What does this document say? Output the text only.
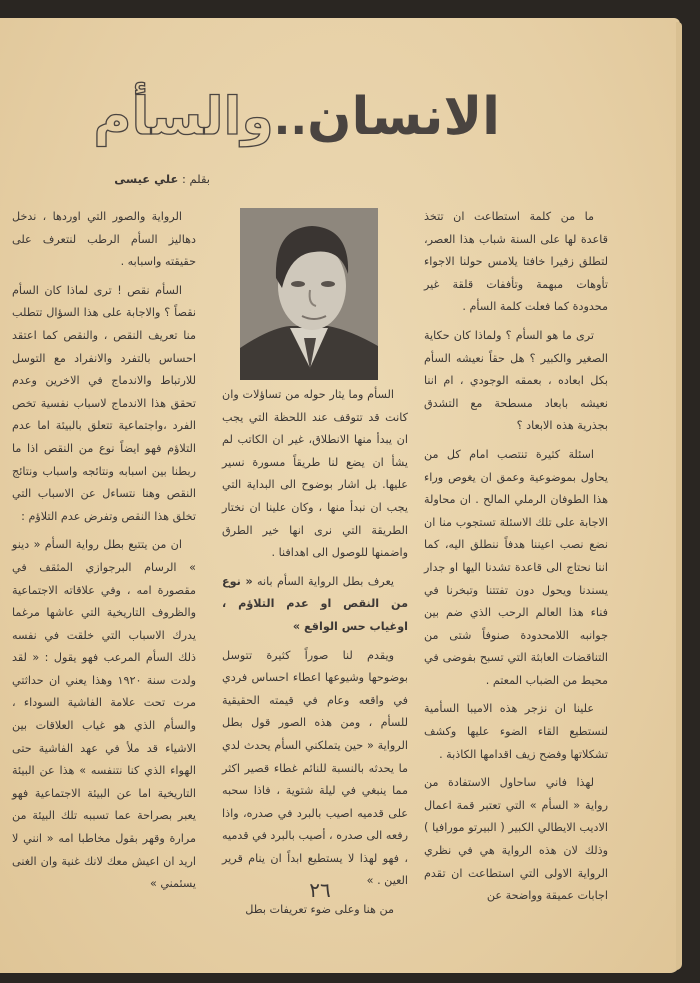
الانسان..والسأم
بقلم : علي عيسى

ما من كلمة استطاعت ان تتخذ قاعدة لها على السنة شباب هذا العصر، لتطلق زفيرا خافتا يلامس حولنا الاجواء تأوهات مبهمة وتأففات قلقة غير محدودة كما فعلت كلمة السأم .

ترى ما هو السأم ؟ ولماذا كان حكاية الصغير والكبير ؟ هل حقاً نعيشه السأم بكل ابعاده ، بعمقه الوجودي ، ام اننا نعيشه بابعاد مسطحة مع التشدق بجذرية هذه الابعاد ؟

اسئلة كثيرة تنتصب امام كل من يحاول بموضوعية وعمق ان يغوص وراء هذا الطوفان الرملي المالح . ان محاولة الاجابة على تلك الاسئلة تستجوب منا ان نضع نصب اعيننا هدفاً ننطلق اليه، كما اننا نحتاج الى قاعدة تشدنا اليها او جدار يسندنا ويحول دون تفتتنا وتبخرنا في فناء هذا العالم الرحب الذي ضم بين جوانبه اللامحدودة صنوفاً شتى من التناقضات العابثة التي تسبح بفوضى في محيط من الضباب المعتم .

علينا ان نزجر هذه الاميبا السأمية لنستطيع القاء الضوء عليها وكشف تشكلاتها وفضح زيف اقدامها الكاذبة .

لهذا فاني ساحاول الاستفادة من رواية « السأم » التي تعتبر قمة اعمال الاديب الايطالي الكبير ( البيرتو مورافيا ) وذلك لان هذه الرواية هي في نظري الرواية الاولى التي استطاعت ان تقدم اجابات عميقة وواضحة عن

السأم وما يثار حوله من تساؤلات وان كانت قد تتوقف عند اللحظة التي يجب ان يبدأ منها الانطلاق، غير ان الكاتب لم يشأ ان يضع لنا طريقاً مسورة نسير عليها. بل اشار بوضوح الى البداية التي يجب ان نبدأ منها ، وكان علينا ان نختار الطريقة التي نرى انها خير الطرق واضمنها للوصول الى اهدافنا .

يعرف بطل الرواية السأم بانه « نوع من النقص او عدم التلاؤم ، اوغياب حس الواقع »

ويقدم لنا صوراً كثيرة تتوسل بوضوحها وشيوعها اعطاء احساس فردي في واقعه وعام في قيمته الحقيقية للسأم ، ومن هذه الصور قول بطل الرواية « حين يتملكني السأم يحدث لدي ما يحدثه بالنسبة للنائم غطاء قصير اكثر مما ينبغي في ليلة شتوية ، فاذا سحبه على قدميه اصيب بالبرد في صدره، واذا رفعه الى صدره ، أصيب بالبرد في قدميه ، فهو لهذا لا يستطيع ابداً ان ينام قرير العين . »

من هنا وعلى ضوء تعريفات بطل

الرواية والصور التي اوردها ، ندخل دهاليز السأم الرطب لنتعرف على حقيقته واسبابه .

السأم نقص ! ترى لماذا كان السأم نقصاً ؟ والاجابة على هذا السؤال تتطلب منا تعريف النقص ، والنقص كما اعتقد احساس بالتفرد والانفراد مع التوسل للارتباط والاندماج في الاخرين وعدم تحقق هذا الاندماج لاسباب نفسية تخص الفرد ،واجتماعية تتعلق بالبيئة اما عدم التلاؤم فهو ايضاً نوع من النقص اذا ما ربطنا بين اسبابه ونتائجه واسباب ونتائج النقص وهنا نتساءل عن الاسباب التي تخلق هذا النقص وتفرض عدم التلاؤم :

ان من يتتبع بطل رواية السأم « دينو » الرسام البرجوازي المثقف في مقصورة امه ، وفي علاقاته الاجتماعية والظروف التاريخية التي عاشها مرغما يدرك الاسباب التي خلقت في نفسه ذلك السأم المرعب فهو يقول : « لقد ولدت سنة ١٩٢٠ وهذا يعني ان حداثتي مرت تحت علامة الفاشية السوداء ، والسأم الذي هو غياب العلاقات بين الاشياء قد ملأ في عهد الفاشية حتى الهواء الذي كنا نتنفسه » هذا عن البيئة التاريخية اما عن البيئة الاجتماعية فهو يعبر بصراحة عما تسببه تلك البيئة من مرارة وقهر بقول مخاطبا امه « انني لا اريد ان اعيش معك لانك غنية وان الغنى يسئمني »	٢٦
